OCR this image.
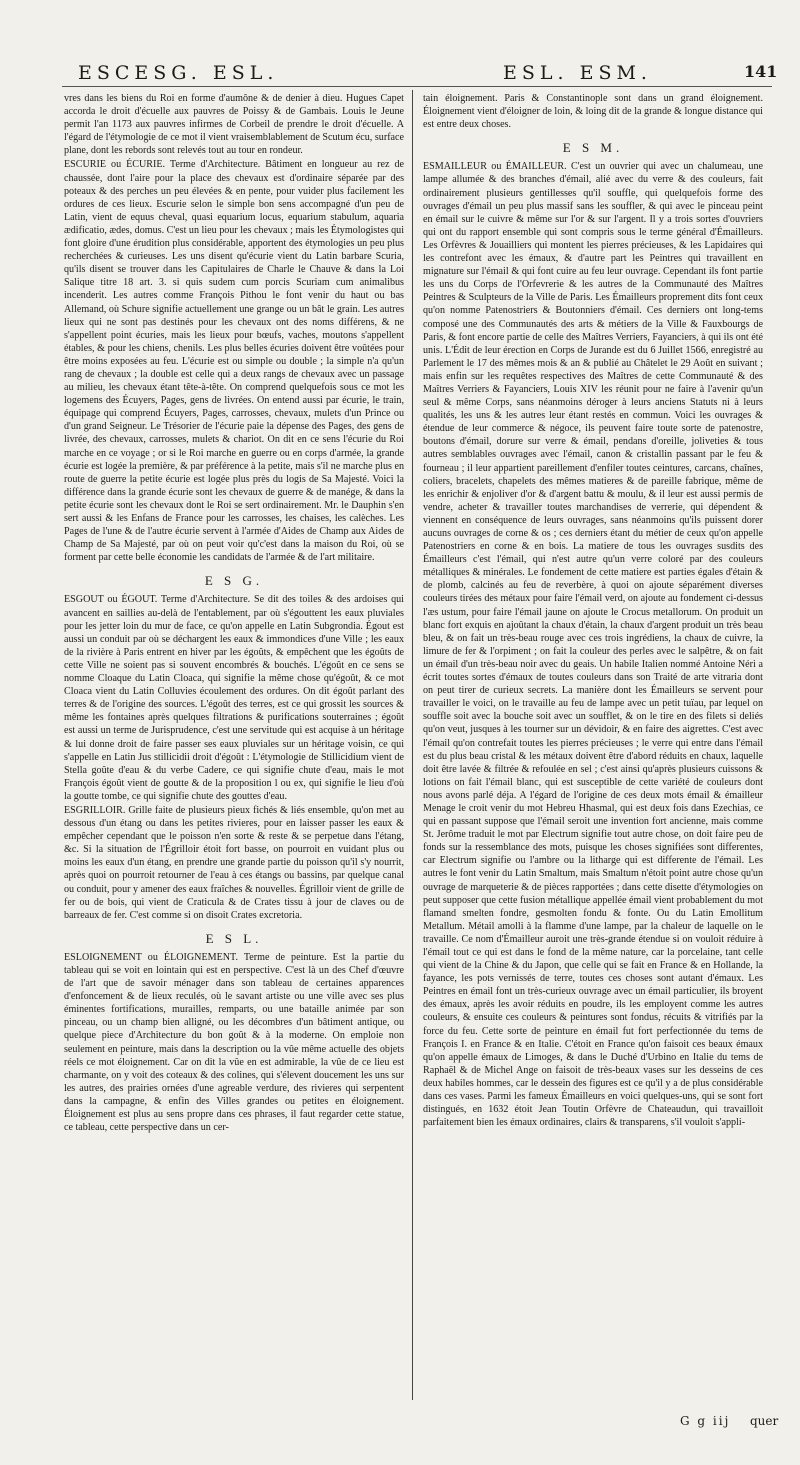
ESCESG. ESL.	ESL. ESM.	141

vres dans les biens du Roi en forme d'aumône & de denier à dieu. Hugues Capet accorda le droit d'écuelle aux pauvres de Poissy & de Gambais. Louis le Jeune permit l'an 1173 aux pauvres infirmes de Corbeil de prendre le droit d'écuelle. A l'égard de l'étymologie de ce mot il vient vraisemblablement de Scutum écu, surface plane, dont les rebords sont relevés tout au tour en rondeur.

ESCURIE ou ÉCURIE. Terme d'Architecture. Bâtiment en longueur au rez de chaussée, dont l'aire pour la place des chevaux est d'ordinaire séparée par des poteaux & des perches un peu élevées & en pente, pour vuider plus facilement les ordures de ces lieux. Escurie selon le simple bon sens accompagné d'un peu de Latin, vient de equus cheval, quasi equarium locus, equarium stabulum, aquaria ædificatio, ædes, domus. C'est un lieu pour les chevaux ; mais les Étymologistes qui font gloire d'une érudition plus considérable, apportent des étymologies un peu plus recherchées & curieuses. Les uns disent qu'écurie vient du Latin barbare Scuria, qu'ils disent se trouver dans les Capitulaires de Charle le Chauve & dans la Loi Salique titre 18 art. 3. si quis sudem cum porcis Scuriam cum animalibus incenderit. Les autres comme François Pithou le font venir du haut ou bas Allemand, où Schure signifie actuellement une grange ou un bât le grain. Les autres lieux qui ne sont pas destinés pour les chevaux ont des noms différens, & ne s'appellent point écuries, mais les lieux pour bœufs, vaches, moutons s'appellent étables, & pour les chiens, chenils. Les plus belles écuries doivent être voûtées pour être moins exposées au feu. L'écurie est ou simple ou double ; la simple n'a qu'un rang de chevaux ; la double est celle qui a deux rangs de chevaux avec un passage au milieu, les chevaux étant tête-à-tête. On comprend quelquefois sous ce mot les logemens des Écuyers, Pages, gens de livrées. On entend aussi par écurie, le train, équipage qui comprend Écuyers, Pages, carrosses, chevaux, mulets d'un Prince ou d'un grand Seigneur. Le Trésorier de l'écurie paie la dépense des Pages, des gens de livrée, des chevaux, carrosses, mulets & chariot. On dit en ce sens l'écurie du Roi marche en ce voyage ; or si le Roi marche en guerre ou en corps d'armée, la grande écurie est logée la première, & par préférence à la petite, mais s'il ne marche plus en route de guerre la petite écurie est logée plus près du logis de Sa Majesté. Voici la différence dans la grande écurie sont les chevaux de guerre & de manége, & dans la petite écurie sont les chevaux dont le Roi se sert ordinairement. Mr. le Dauphin s'en sert aussi & les Enfans de France pour les carrosses, les chaises, les calèches. Les Pages de l'une & de l'autre écurie servent à l'armée d'Aides de Champ aux Aides de Champ de Sa Majesté, par où on peut voir qu'c'est dans la maison du Roi, où se forment par cette belle économie les candidats de l'armée & de l'art militaire.

E S G.

ESGOUT ou ÉGOUT. Terme d'Architecture. Se dit des toiles & des ardoises qui avancent en saillies au-delà de l'entablement, par où s'égouttent les eaux pluviales pour les jetter loin du mur de face, ce qu'on appelle en Latin Subgrondia. Égout est aussi un conduit par où se déchargent les eaux & immondices d'une Ville ; les eaux de la rivière à Paris entrent en hiver par les égoûts, & empêchent que les égoûts de cette Ville ne soient pas si souvent encombrés & bouchés. L'égoût en ce sens se nomme Cloaque du Latin Cloaca, qui signifie la même chose qu'égoût, & ce mot Cloaca vient du Latin Colluvies écoulement des ordures. On dit égoût parlant des terres & de l'origine des sources. L'égoût des terres, est ce qui grossit les sources & même les fontaines après quelques filtrations & purifications souterraines ; égoût est aussi un terme de Jurisprudence, c'est une servitude qui est acquise à un héritage & lui donne droit de faire passer ses eaux pluviales sur un héritage voisin, ce qui s'appelle en Latin Jus stillicidii droit d'égoût : L'étymologie de Stillicidium vient de Stella goûte d'eau & du verbe Cadere, ce qui signifie chute d'eau, mais le mot François égoût vient de goutte & de la proposition l ou ex, qui signifie le lieu d'où la goutte tombe, ce qui signifie chute des gouttes d'eau.

ESGRILLOIR. Grille faite de plusieurs pieux fichés & liés ensemble, qu'on met au dessous d'un étang ou dans les petites rivieres, pour en laisser passer les eaux & empêcher cependant que le poisson n'en sorte & reste & se perpetue dans l'étang, &c. Si la situation de l'Égrilloir étoit fort basse, on pourroit en vuidant plus ou moins les eaux d'un étang, en prendre une grande partie du poisson qu'il s'y nourrit, après quoi on pourroit retourner de l'eau à ces étangs ou bassins, par quelque canal ou conduit, pour y amener des eaux fraîches & nouvelles. Égrilloir vient de grille de fer ou de bois, qui vient de Craticula & de Crates tissu à jour de claves ou de barreaux de fer. C'est comme si on disoit Crates excretoria.

E S L.

ESLOIGNEMENT ou ÉLOIGNEMENT. Terme de peinture. Est la partie du tableau qui se voit en lointain qui est en perspective. C'est là un des Chef d'œuvre de l'art que de savoir ménager dans son tableau de certaines apparences d'enfoncement & de lieux reculés, où le savant artiste ou une ville avec ses plus éminentes fortifications, murailles, remparts, ou une bataille animée par son pinceau, ou un champ bien alligné, ou les décombres d'un bâtiment antique, ou quelque piece d'Architecture du bon goût & à la moderne. On emploie non seulement en peinture, mais dans la description ou la vûe même actuelle des objets réels ce mot éloignement. Car on dit la vûe en est admirable, la vûe de ce lieu est charmante, on y voit des coteaux & des colines, qui s'élevent doucement les uns sur les autres, des prairies ornées d'une agreable verdure, des rivieres qui serpentent dans la campagne, & enfin des Villes grandes ou petites en éloignement. Éloignement est plus au sens propre dans ces phrases, il faut regarder cette statue, ce tableau, cette perspective dans un cer-

tain éloignement. Paris & Constantinople sont dans un grand éloignement. Éloignement vient d'éloigner de loin, & loing dit de la grande & longue distance qui est entre deux choses.

E S M.

ESMAILLEUR ou ÉMAILLEUR. C'est un ouvrier qui avec un chalumeau, une lampe allumée & des branches d'émail, alié avec du verre & des couleurs, fait ordinairement plusieurs gentillesses qu'il souffle, qui quelquefois forme des ouvrages d'émail un peu plus massif sans les souffler, & qui avec le pinceau peint en émail sur le cuivre & même sur l'or & sur l'argent. Il y a trois sortes d'ouvriers qui ont du rapport ensemble qui sont compris sous le terme général d'Émailleurs. Les Orfèvres & Jouailliers qui montent les pierres précieuses, & les Lapidaires qui les contrefont avec les émaux, & d'autre part les Peintres qui travaillent en mignature sur l'émail & qui font cuire au feu leur ouvrage. Cependant ils font partie les uns du Corps de l'Orfevrerie & les autres de la Communauté des Maîtres Peintres & Sculpteurs de la Ville de Paris. Les Émailleurs proprement dits font ceux qu'on nomme Patenostriers & Boutonniers d'émail. Ces derniers ont long-tems composé une des Communautés des arts & métiers de la Ville & Fauxbourgs de Paris, & font encore partie de celle des Maîtres Verriers, Fayanciers, à qui ils ont été unis. L'Édit de leur érection en Corps de Jurande est du 6 Juillet 1566, enregistré au Parlement le 17 des mêmes mois & an & publié au Châtelet le 29 Août en suivant ; mais enfin sur les requêtes respectives des Maîtres de cette Communauté & des Maîtres Verriers & Fayanciers, Louis XIV les réunit pour ne faire à l'avenir qu'un seul & même Corps, sans néanmoins déroger à leurs anciens Statuts ni à leurs qualités, les uns & les autres leur étant restés en commun. Voici les ouvrages & étendue de leur commerce & négoce, ils peuvent faire toute sorte de patenostre, boutons d'émail, dorure sur verre & émail, pendans d'oreille, joliveties & tous autres semblables ouvrages avec l'émail, canon & cristallin passant par le feu & fourneau ; il leur appartient pareillement d'enfiler toutes ceintures, carcans, chaînes, coliers, bracelets, chapelets des mêmes matieres & de pareille fabrique, même de les enrichir & enjoliver d'or & d'argent battu & moulu, & il leur est aussi permis de vendre, acheter & travailler toutes marchandises de verrerie, qui dépendent & viennent en conséquence de leurs ouvrages, sans néanmoins qu'ils puissent dorer aucuns ouvrages de corne & os ; ces derniers étant du métier de ceux qu'on appelle Patenostriers en corne & en bois. La matiere de tous les ouvrages susdits des Émailleurs c'est l'émail, qui n'est autre qu'un verre coloré par des couleurs métalliques & minérales. Le fondement de cette matiere est parties égales d'étain & de plomb, calcinés au feu de reverbère, à quoi on ajoute séparément diverses couleurs tirées des métaux pour faire l'émail verd, on ajoute au fondement ci-dessus l'æs ustum, pour faire l'émail jaune on ajoute le Crocus metallorum. On produit un blanc fort exquis en ajoûtant la chaux d'étain, la chaux d'argent produit un très beau bleu, & on fait un très-beau rouge avec ces trois ingrédiens, la chaux de cuivre, la limure de fer & l'orpiment ; on fait la couleur des perles avec le salpêtre, & on fait un émail d'un très-beau noir avec du geais. Un habile Italien nommé Antoine Néri a écrit toutes sortes d'émaux de toutes couleurs dans son Traité de arte vitraria dont on peut tirer de curieux secrets. La manière dont les Émailleurs se servent pour travailler le voici, on le travaille au feu de lampe avec un petit tuïau, par lequel on souffle soit avec la bouche soit avec un soufflet, & on le tire en des filets si deliés qu'on veut, jusques à les tourner sur un dévidoir, & en faire des aigrettes. C'est avec l'émail qu'on contrefait toutes les pierres précieuses ; le verre qui entre dans l'émail est du plus beau cristal & les métaux doivent être d'abord réduits en chaux, laquelle doit être lavée & filtrée & refoulée en sel ; c'est ainsi qu'après plusieurs cuissons & lotions on fait l'émail blanc, qui est susceptible de cette variété de couleurs dont nous avons parlé déja. A l'égard de l'origine de ces deux mots émail & émailleur Menage le croit venir du mot Hebreu Hhasmal, qui est deux fois dans Ezechias, ce qui en passant suppose que l'émail seroit une invention fort ancienne, mais comme St. Jerôme traduit le mot par Electrum signifie tout autre chose, on doit faire peu de fonds sur la ressemblance des mots, puisque les choses signifiées sont differentes, car Electrum signifie ou l'ambre ou la litharge qui est differente de l'émail. Les autres le font venir du Latin Smaltum, mais Smaltum n'étoit point autre chose qu'un ouvrage de marqueterie & de pièces rapportées ; dans cette disette d'étymologies on peut supposer que cette fusion métallique appellée émail vient probablement du mot flamand smelten fondre, gesmolten fondu & fonte. Ou du Latin Emollitum Metallum. Métail amolli à la flamme d'une lampe, par la chaleur de laquelle on le travaille. Ce nom d'Émailleur auroit une très-grande étendue si on vouloit réduire à l'émail tout ce qui est dans le fond de la même nature, car la porcelaine, tant celle qui vient de la Chine & du Japon, que celle qui se fait en France & en Hollande, la fayance, les pots vernissés de terre, toutes ces choses sont autant d'émaux. Les Peintres en émail font un très-curieux ouvrage avec un émail particulier, ils broyent des émaux, après les avoir réduits en poudre, ils les employent comme les autres couleurs, & ensuite ces couleurs & peintures sont fondus, récuits & vitrifiés par la force du feu. Cette sorte de peinture en émail fut fort perfectionnée du tems de François I. en France & en Italie. C'étoit en France qu'on faisoit ces beaux émaux qu'on appelle émaux de Limoges, & dans le Duché d'Urbino en Italie du tems de Raphaël & de Michel Ange on faisoit de très-beaux vases sur les desseins de ces deux habiles hommes, car le dessein des figures est ce qu'il y a de plus considérable dans ces vases. Parmi les fameux Émailleurs en voici quelques-uns, qui se sont fort distingués, en 1632 étoit Jean Toutin Orfèvre de Chateaudun, qui travailloit parfaitement bien les émaux ordinaires, clairs & transparens, s'il vouloit s'appli-

G g iij quer
